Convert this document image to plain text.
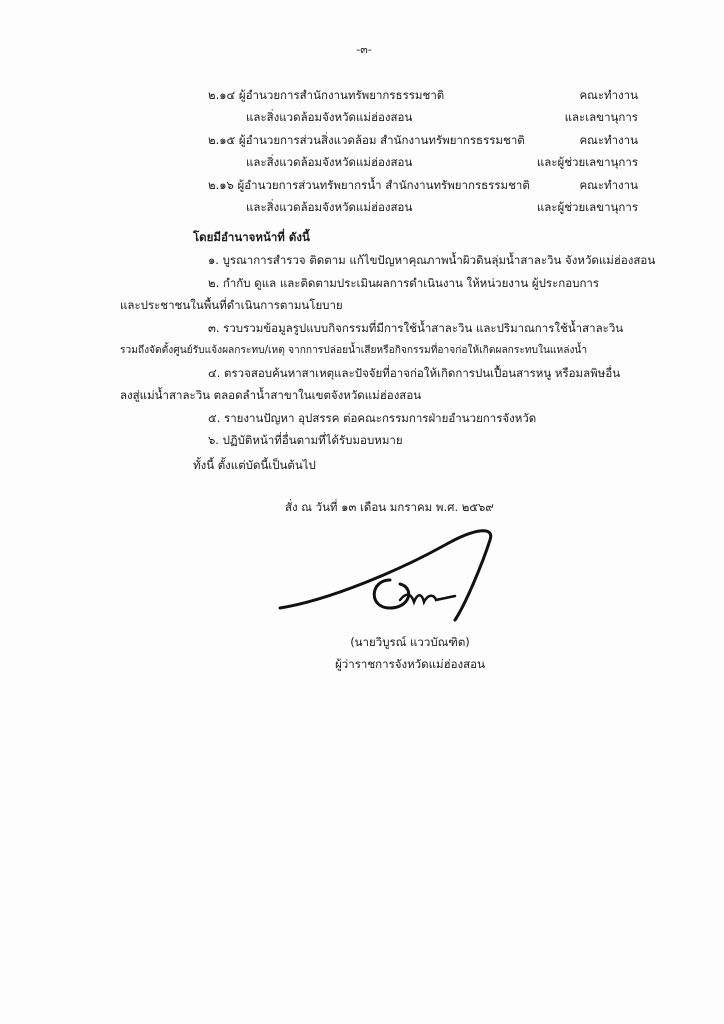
-๓-
๒.๑๔ ผู้อำนวยการสำนักงานทรัพยากรธรรมชาติ	คณะทำงาน
และสิ่งแวดล้อมจังหวัดแม่ฮ่องสอน	และเลขานุการ
๒.๑๕ ผู้อำนวยการส่วนสิ่งแวดล้อม สำนักงานทรัพยากรธรรมชาติ	คณะทำงาน
และสิ่งแวดล้อมจังหวัดแม่ฮ่องสอน	และผู้ช่วยเลขานุการ
๒.๑๖ ผู้อำนวยการส่วนทรัพยากรน้ำ สำนักงานทรัพยากรธรรมชาติ	คณะทำงาน
และสิ่งแวดล้อมจังหวัดแม่ฮ่องสอน	และผู้ช่วยเลขานุการ
โดยมีอำนาจหน้าที่ ดังนี้
๑. บูรณาการสำรวจ ติดตาม แก้ไขปัญหาคุณภาพน้ำผิวดินลุ่มน้ำสาละวิน จังหวัดแม่ฮ่องสอน
๒. กำกับ ดูแล และติดตามประเมินผลการดำเนินงาน ให้หน่วยงาน ผู้ประกอบการ
และประชาชนในพื้นที่ดำเนินการตามนโยบาย
๓. รวบรวมข้อมูลรูปแบบกิจกรรมที่มีการใช้น้ำสาละวิน และปริมาณการใช้น้ำสาละวิน
รวมถึงจัดตั้งศูนย์รับแจ้งผลกระทบ/เหตุ จากการปล่อยน้ำเสียหรือกิจกรรมที่อาจก่อให้เกิดผลกระทบในแหล่งน้ำ
๔. ตรวจสอบค้นหาสาเหตุและปัจจัยที่อาจก่อให้เกิดการปนเปื้อนสารหนู หรือมลพิษอื่น
ลงสู่แม่น้ำสาละวิน ตลอดลำน้ำสาขาในเขตจังหวัดแม่ฮ่องสอน
๕. รายงานปัญหา อุปสรรค ต่อคณะกรรมการฝ่ายอำนวยการจังหวัด
๖. ปฏิบัติหน้าที่อื่นตามที่ได้รับมอบหมาย
ทั้งนี้ ตั้งแต่บัดนี้เป็นต้นไป
สั่ง ณ วันที่ ๑๓ เดือน มกราคม พ.ศ. ๒๕๖๙
(นายวิบูรณ์ แววบัณฑิต)
ผู้ว่าราชการจังหวัดแม่ฮ่องสอน
